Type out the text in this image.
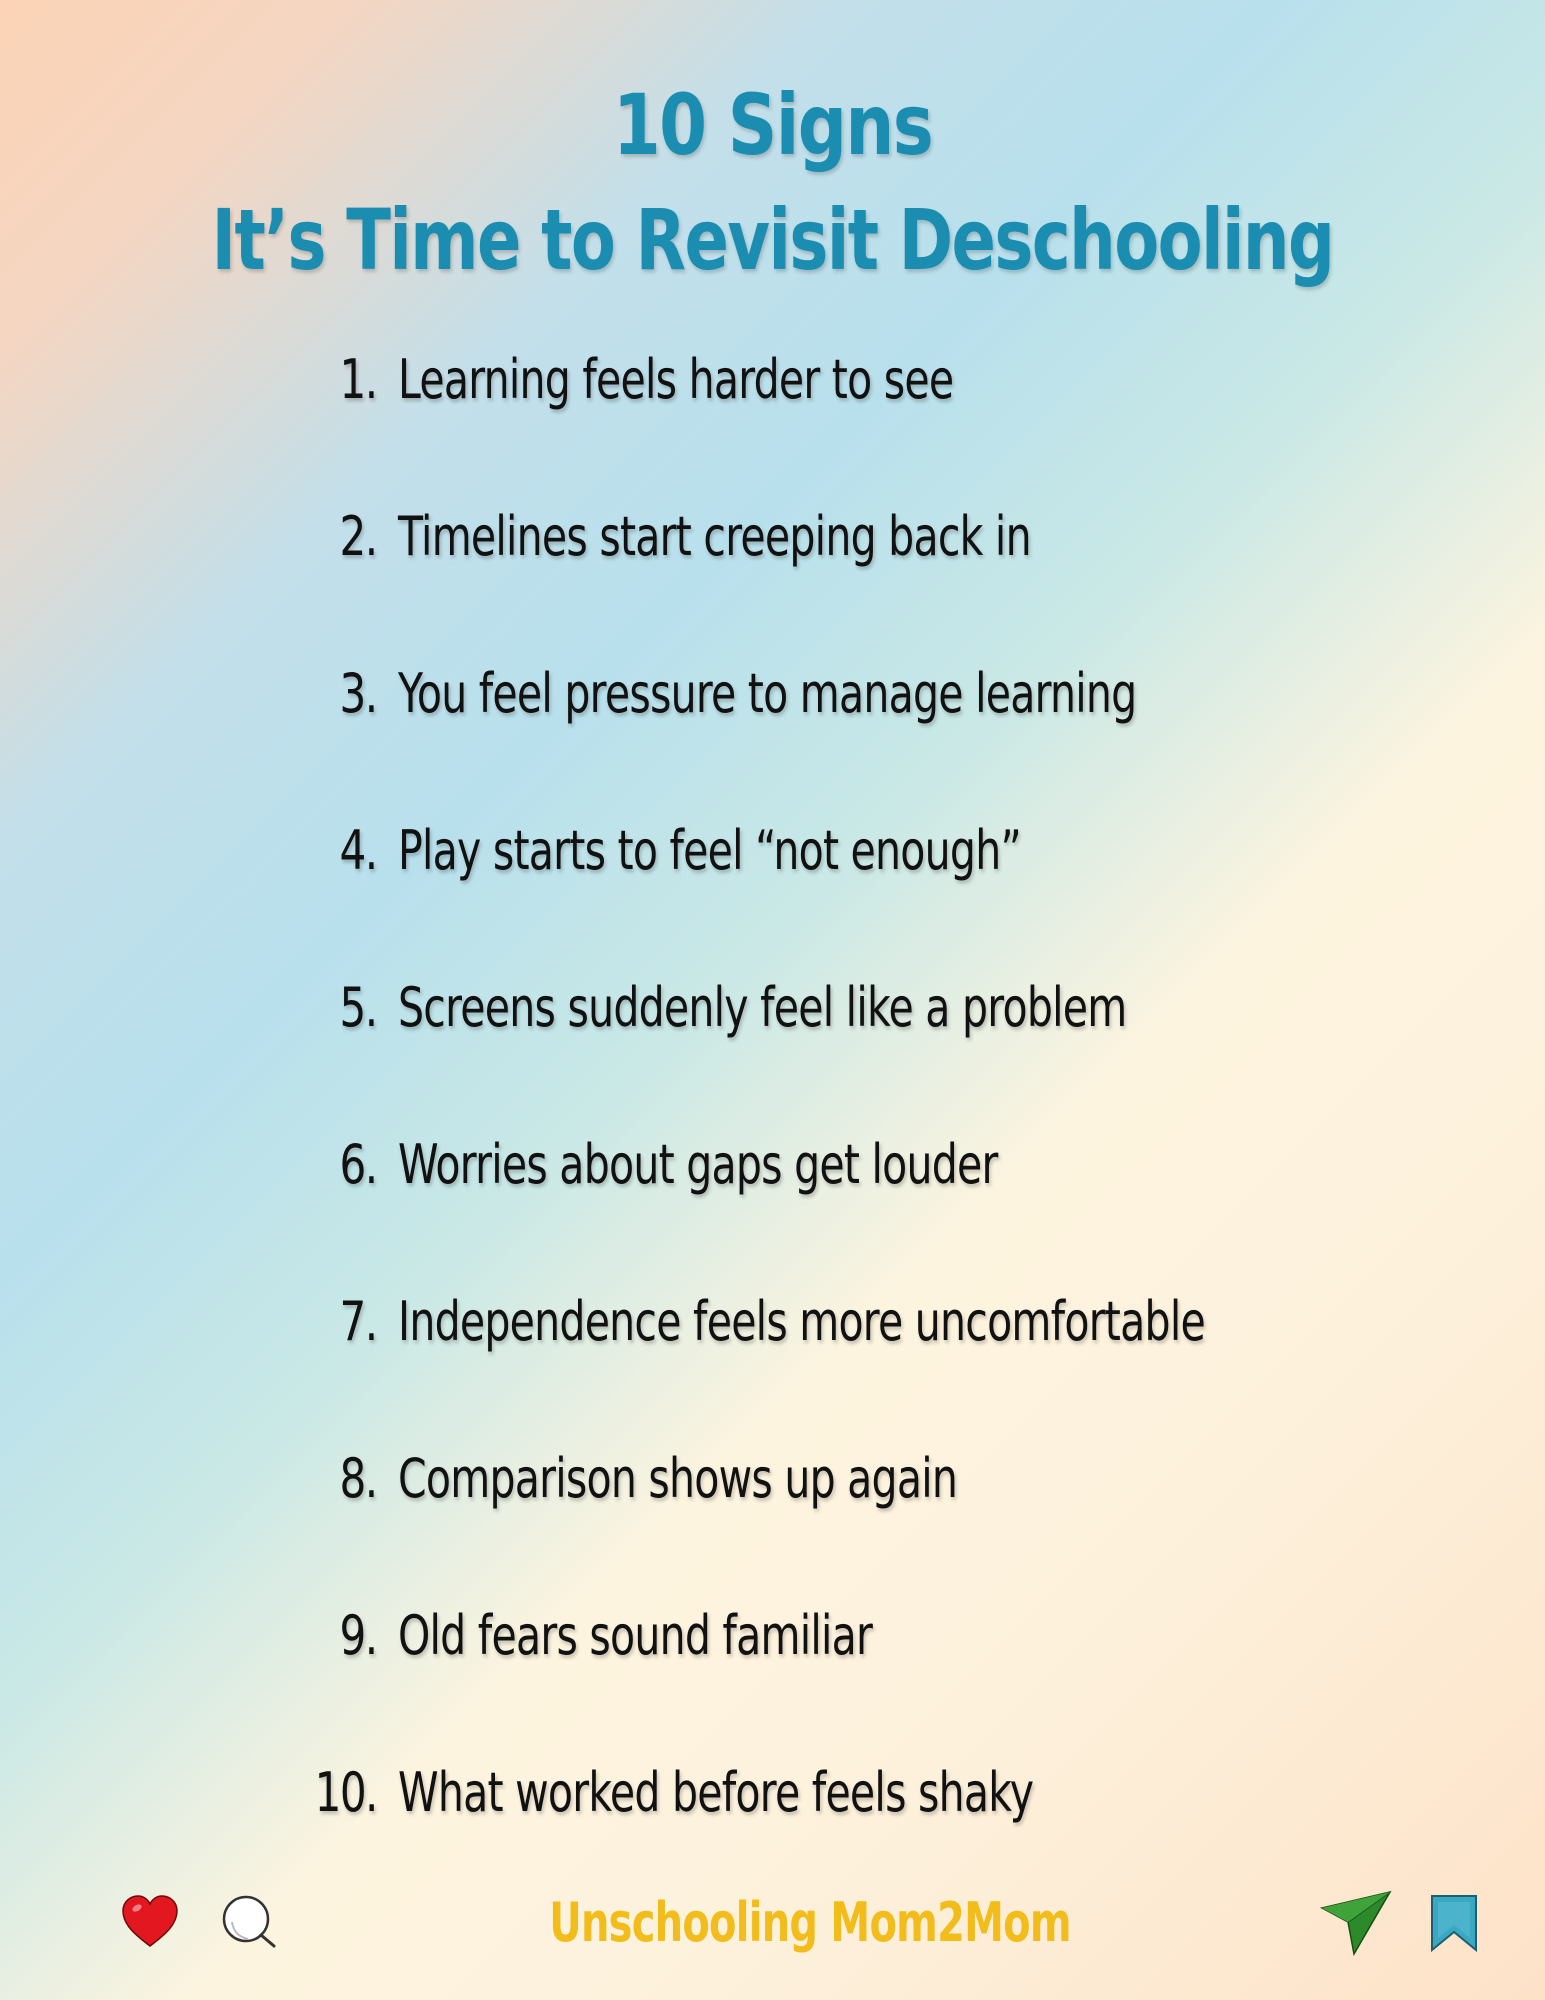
10 Signs
It’s Time to Revisit Deschooling
1. Learning feels harder to see
2. Timelines start creeping back in
3. You feel pressure to manage learning
4. Play starts to feel “not enough”
5. Screens suddenly feel like a problem
6. Worries about gaps get louder
7. Independence feels more uncomfortable
8. Comparison shows up again
9. Old fears sound familiar
10. What worked before feels shaky
Unschooling Mom2Mom
